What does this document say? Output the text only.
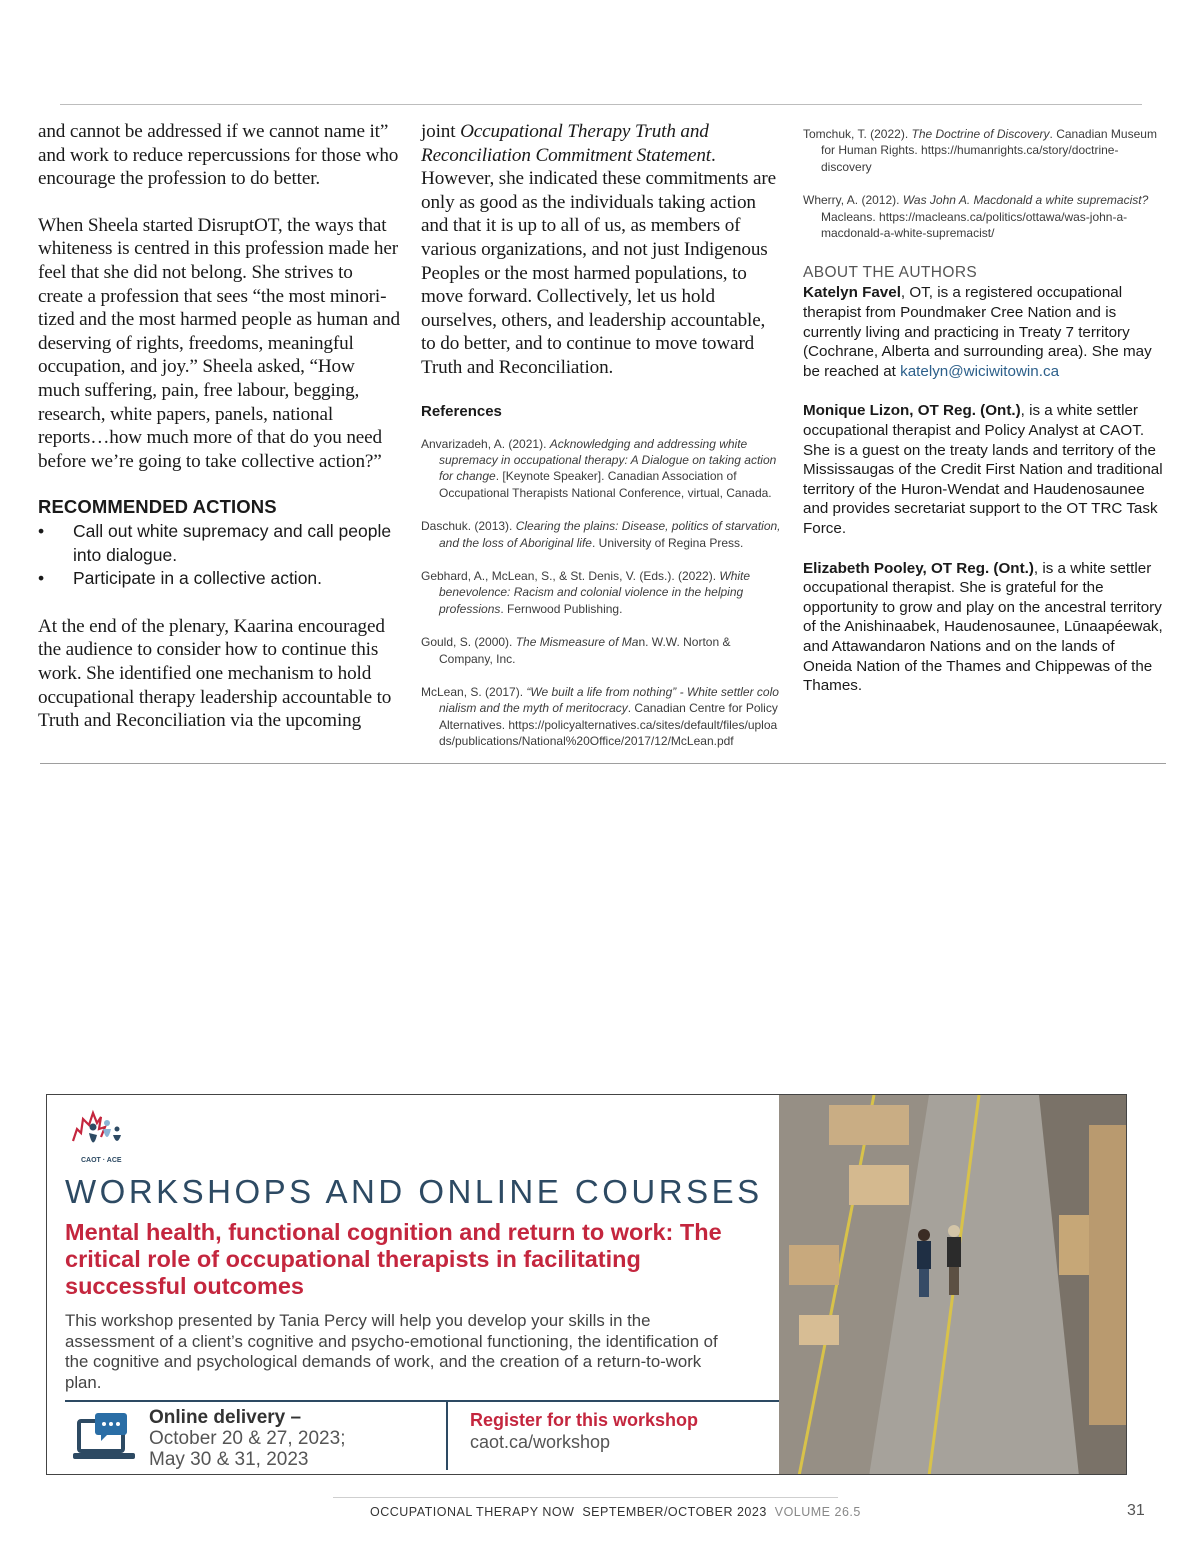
and cannot be addressed if we cannot name it” and work to reduce repercussions for those who encourage the profession to do better.

When Sheela started DisruptOT, the ways that whiteness is centred in this profession made her feel that she did not belong. She strives to create a profession that sees “the most minoritized and the most harmed people as human and deserving of rights, freedoms, meaningful occupation, and joy.” Sheela asked, “How much suffering, pain, free labour, begging, research, white papers, panels, national reports…how much more of that do you need before we’re going to take collective action?”

RECOMMENDED ACTIONS
• Call out white supremacy and call people into dialogue.
• Participate in a collective action.

At the end of the plenary, Kaarina encouraged the audience to consider how to continue this work. She identified one mechanism to hold occupational therapy leadership accountable to Truth and Reconciliation via the upcoming

joint Occupational Therapy Truth and Reconciliation Commitment Statement. However, she indicated these commitments are only as good as the individuals taking action and that it is up to all of us, as members of various organizations, and not just Indigenous Peoples or the most harmed populations, to move forward. Collectively, let us hold ourselves, others, and leadership accountable, to do better, and to continue to move toward Truth and Reconciliation.

References

Anvarizadeh, A. (2021). Acknowledging and addressing white supremacy in occupational therapy: A Dialogue on taking action for change. [Keynote Speaker]. Canadian Association of Occupational Therapists National Conference, virtual, Canada.

Daschuk. (2013). Clearing the plains: Disease, politics of starvation, and the loss of Aboriginal life. University of Regina Press.

Gebhard, A., McLean, S., & St. Denis, V. (Eds.). (2022). White benevolence: Racism and colonial violence in the helping professions. Fernwood Publishing.

Gould, S. (2000). The Mismeasure of Man. W.W. Norton & Company, Inc.

McLean, S. (2017). “We built a life from nothing” - White settler colonialism and the myth of meritocracy. Canadian Centre for Policy Alternatives. https://policyalternatives.ca/sites/default/files/uploads/publications/National%20Office/2017/12/McLean.pdf

Tomchuk, T. (2022). The Doctrine of Discovery. Canadian Museum for Human Rights. https://humanrights.ca/story/doctrine-discovery

Wherry, A. (2012). Was John A. Macdonald a white supremacist? Macleans. https://macleans.ca/politics/ottawa/was-john-a-macdonald-a-white-supremacist/

ABOUT THE AUTHORS

Katelyn Favel, OT, is a registered occupational therapist from Poundmaker Cree Nation and is currently living and practicing in Treaty 7 territory (Cochrane, Alberta and surrounding area). She may be reached at katelyn@wiciwitowin.ca

Monique Lizon, OT Reg. (Ont.), is a white settler occupational therapist and Policy Analyst at CAOT. She is a guest on the treaty lands and territory of the Mississaugas of the Credit First Nation and traditional territory of the Huron-Wendat and Haudenosaunee and provides secretariat support to the OT TRC Task Force.

Elizabeth Pooley, OT Reg. (Ont.), is a white settler occupational therapist. She is grateful for the opportunity to grow and play on the ancestral territory of the Anishinaabek, Haudenosaunee, Lūnaapéewak, and Attawandaron Nations and on the lands of Oneida Nation of the Thames and Chippewas of the Thames.

CAOT · ACE
WORKSHOPS AND ONLINE COURSES
Mental health, functional cognition and return to work: The critical role of occupational therapists in facilitating successful outcomes
This workshop presented by Tania Percy will help you develop your skills in the assessment of a client’s cognitive and psycho-emotional functioning, the identification of the cognitive and psychological demands of work, and the creation of a return-to-work plan.
Online delivery –
October 20 & 27, 2023;
May 30 & 31, 2023
Register for this workshop
caot.ca/workshop
OCCUPATIONAL THERAPY NOW SEPTEMBER/OCTOBER 2023 VOLUME 26.5	31
